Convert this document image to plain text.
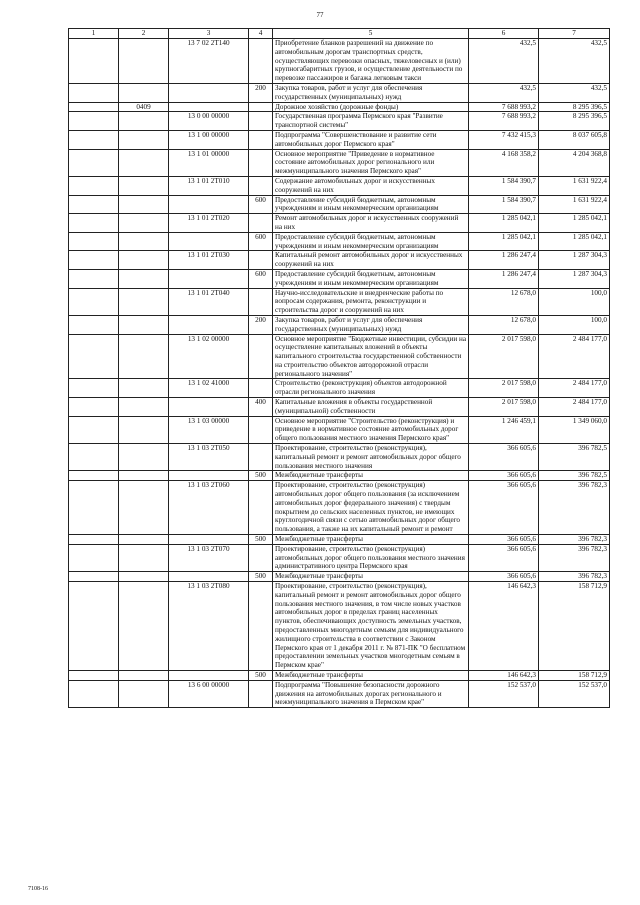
77
1	2	3	4	5	6	7
		13 7 02 2Т140		Приобретение бланков разрешений на движение по автомобильным дорогам транспортных средств, осуществляющих перевозки опасных, тяжеловесных и (или) крупногабаритных грузов, и осуществление деятельности по перевозке пассажиров и багажа легковым такси	432,5	432,5
			200	Закупка товаров, работ и услуг для обеспечения государственных (муниципальных) нужд	432,5	432,5
	0409			Дорожное хозяйство (дорожные фонды)	7 688 993,2	8 295 396,5
		13 0 00 00000		Государственная программа Пермского края "Развитие транспортной системы"	7 688 993,2	8 295 396,5
		13 1 00 00000		Подпрограмма "Совершенствование и развитие сети автомобильных дорог Пермского края"	7 432 415,3	8 037 605,8
		13 1 01 00000		Основное мероприятие "Приведение в нормативное состояние автомобильных дорог регионального или межмуниципального значения Пермского края"	4 168 358,2	4 204 368,8
		13 1 01 2Т010		Содержание автомобильных дорог и искусственных сооружений на них	1 584 390,7	1 631 922,4
			600	Предоставление субсидий бюджетным, автономным учреждениям и иным некоммерческим организациям	1 584 390,7	1 631 922,4
		13 1 01 2Т020		Ремонт автомобильных дорог и искусственных сооружений на них	1 285 042,1	1 285 042,1
			600	Предоставление субсидий бюджетным, автономным учреждениям и иным некоммерческим организациям	1 285 042,1	1 285 042,1
		13 1 01 2Т030		Капитальный ремонт автомобильных дорог и искусственных сооружений на них	1 286 247,4	1 287 304,3
			600	Предоставление субсидий бюджетным, автономным учреждениям и иным некоммерческим организациям	1 286 247,4	1 287 304,3
		13 1 01 2Т040		Научно-исследовательские и внедренческие работы по вопросам содержания, ремонта, реконструкции и строительства дорог и сооружений на них	12 678,0	100,0
			200	Закупка товаров, работ и услуг для обеспечения государственных (муниципальных) нужд	12 678,0	100,0
		13 1 02 00000		Основное мероприятие "Бюджетные инвестиции, субсидии на осуществление капитальных вложений в объекты капитального строительства государственной собственности на строительство объектов автодорожной отрасли регионального значения"	2 017 598,0	2 484 177,0
		13 1 02 41000		Строительство (реконструкция) объектов автодорожной отрасли регионального значения	2 017 598,0	2 484 177,0
			400	Капитальные вложения в объекты государственной (муниципальной) собственности	2 017 598,0	2 484 177,0
		13 1 03 00000		Основное мероприятие "Строительство (реконструкция) и приведение в нормативное состояние автомобильных дорог общего пользования местного значения Пермского края"	1 246 459,1	1 349 060,0
		13 1 03 2Т050		Проектирование, строительство (реконструкция), капитальный ремонт и ремонт автомобильных дорог общего пользования местного значения	366 605,6	396 782,5
			500	Межбюджетные трансферты	366 605,6	396 782,5
		13 1 03 2Т060		Проектирование, строительство (реконструкция) автомобильных дорог общего пользования (за исключением автомобильных дорог федерального значения) с твердым покрытием до сельских населенных пунктов, не имеющих круглогодичной связи с сетью автомобильных дорог общего пользования, а также на их капитальный ремонт и ремонт	366 605,6	396 782,3
			500	Межбюджетные трансферты	366 605,6	396 782,3
		13 1 03 2Т070		Проектирование, строительство (реконструкция) автомобильных дорог общего пользования местного значения административного центра Пермского края	366 605,6	396 782,3
			500	Межбюджетные трансферты	366 605,6	396 782,3
		13 1 03 2Т080		Проектирование, строительство (реконструкция), капитальный ремонт и ремонт автомобильных дорог общего пользования местного значения, в том числе новых участков автомобильных дорог в пределах границ населенных пунктов, обеспечивающих доступность земельных участков, предоставленных многодетным семьям для индивидуального жилищного строительства в соответствии с Законом Пермского края от 1 декабря 2011 г. № 871-ПК "О бесплатном предоставлении земельных участков многодетным семьям в Пермском крае"	146 642,3	158 712,9
			500	Межбюджетные трансферты	146 642,3	158 712,9
		13 6 00 00000		Подпрограмма "Повышение безопасности дорожного движения на автомобильных дорогах регионального и межмуниципального значения в Пермском крае"	152 537,0	152 537,0
7108-16
